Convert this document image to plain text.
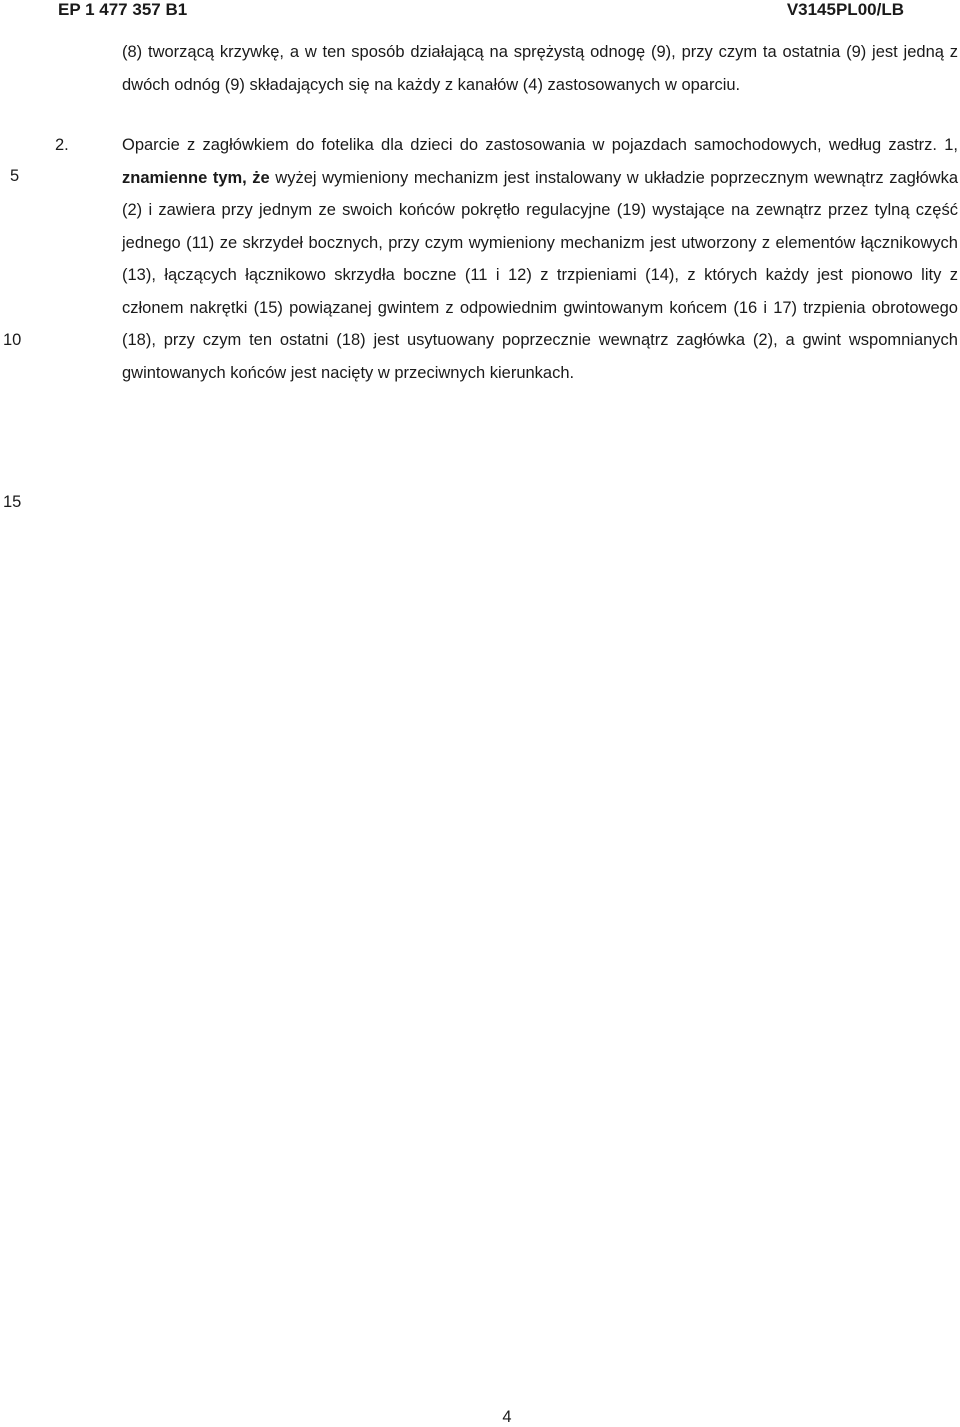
EP 1 477 357 B1	V3145PL00/LB
(8) tworzącą krzywkę, a w ten sposób działającą na sprężystą odnogę (9), przy czym ta ostatnia (9) jest jedną z dwóch odnóg (9) składających się na każdy z kanałów (4) zastosowanych w oparciu.
2.	Oparcie z zagłówkiem do fotelika dla dzieci do zastosowania w pojazdach samochodowych, według zastrz. 1, znamienne tym, że wyżej wymieniony mechanizm jest instalowany w układzie poprzecznym wewnątrz zagłówka (2) i zawiera przy jednym ze swoich końców pokrętło regulacyjne (19) wystające na zewnątrz przez tylną część jednego (11) ze skrzydeł bocznych, przy czym wymieniony mechanizm jest utworzony z elementów łącznikowych (13), łączących łącznikowo skrzydła boczne (11 i 12) z trzpieniami (14), z których każdy jest pionowo lity z członem nakrętki (15) powiązanej gwintem z odpowiednim gwintowanym końcem (16 i 17) trzpienia obrotowego (18), przy czym ten ostatni (18) jest usytuowany poprzecznie wewnątrz zagłówka (2), a gwint wspomnianych gwintowanych końców jest nacięty w przeciwnych kierunkach.
5
10
15
4
